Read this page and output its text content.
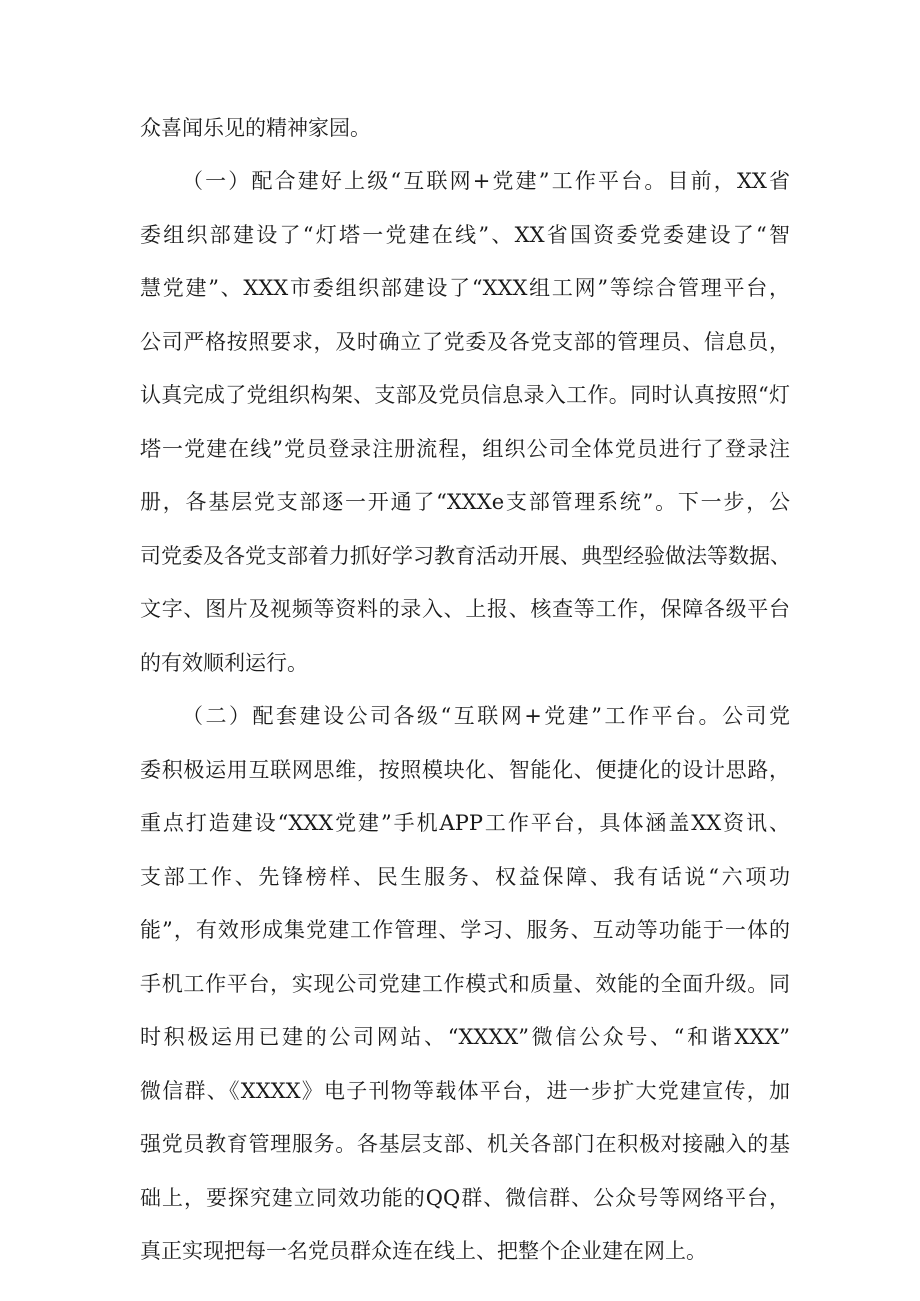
众喜闻乐见的精神家园。
（一）配合建好上级“互联网+党建”工作平台。目前，XX省
委组织部建设了“灯塔一党建在线”、XX省国资委党委建设了“智
慧党建”、XXX市委组织部建设了“XXX组工网”等综合管理平台，
公司严格按照要求，及时确立了党委及各党支部的管理员、信息员，
认真完成了党组织构架、支部及党员信息录入工作。同时认真按照“灯
塔一党建在线”党员登录注册流程，组织公司全体党员进行了登录注
册，各基层党支部逐一开通了“XXXe支部管理系统”。下一步，公
司党委及各党支部着力抓好学习教育活动开展、典型经验做法等数据、
文字、图片及视频等资料的录入、上报、核查等工作，保障各级平台
的有效顺利运行。
（二）配套建设公司各级“互联网+党建”工作平台。公司党
委积极运用互联网思维，按照模块化、智能化、便捷化的设计思路，
重点打造建设“XXX党建”手机APP工作平台，具体涵盖XX资讯、
支部工作、先锋榜样、民生服务、权益保障、我有话说“六项功
能”，有效形成集党建工作管理、学习、服务、互动等功能于一体的
手机工作平台，实现公司党建工作模式和质量、效能的全面升级。同
时积极运用已建的公司网站、“XXXX”微信公众号、“和谐XXX”
微信群、《XXXX》电子刊物等载体平台，进一步扩大党建宣传，加
强党员教育管理服务。各基层支部、机关各部门在积极对接融入的基
础上，要探究建立同效功能的QQ群、微信群、公众号等网络平台，
真正实现把每一名党员群众连在线上、把整个企业建在网上。
